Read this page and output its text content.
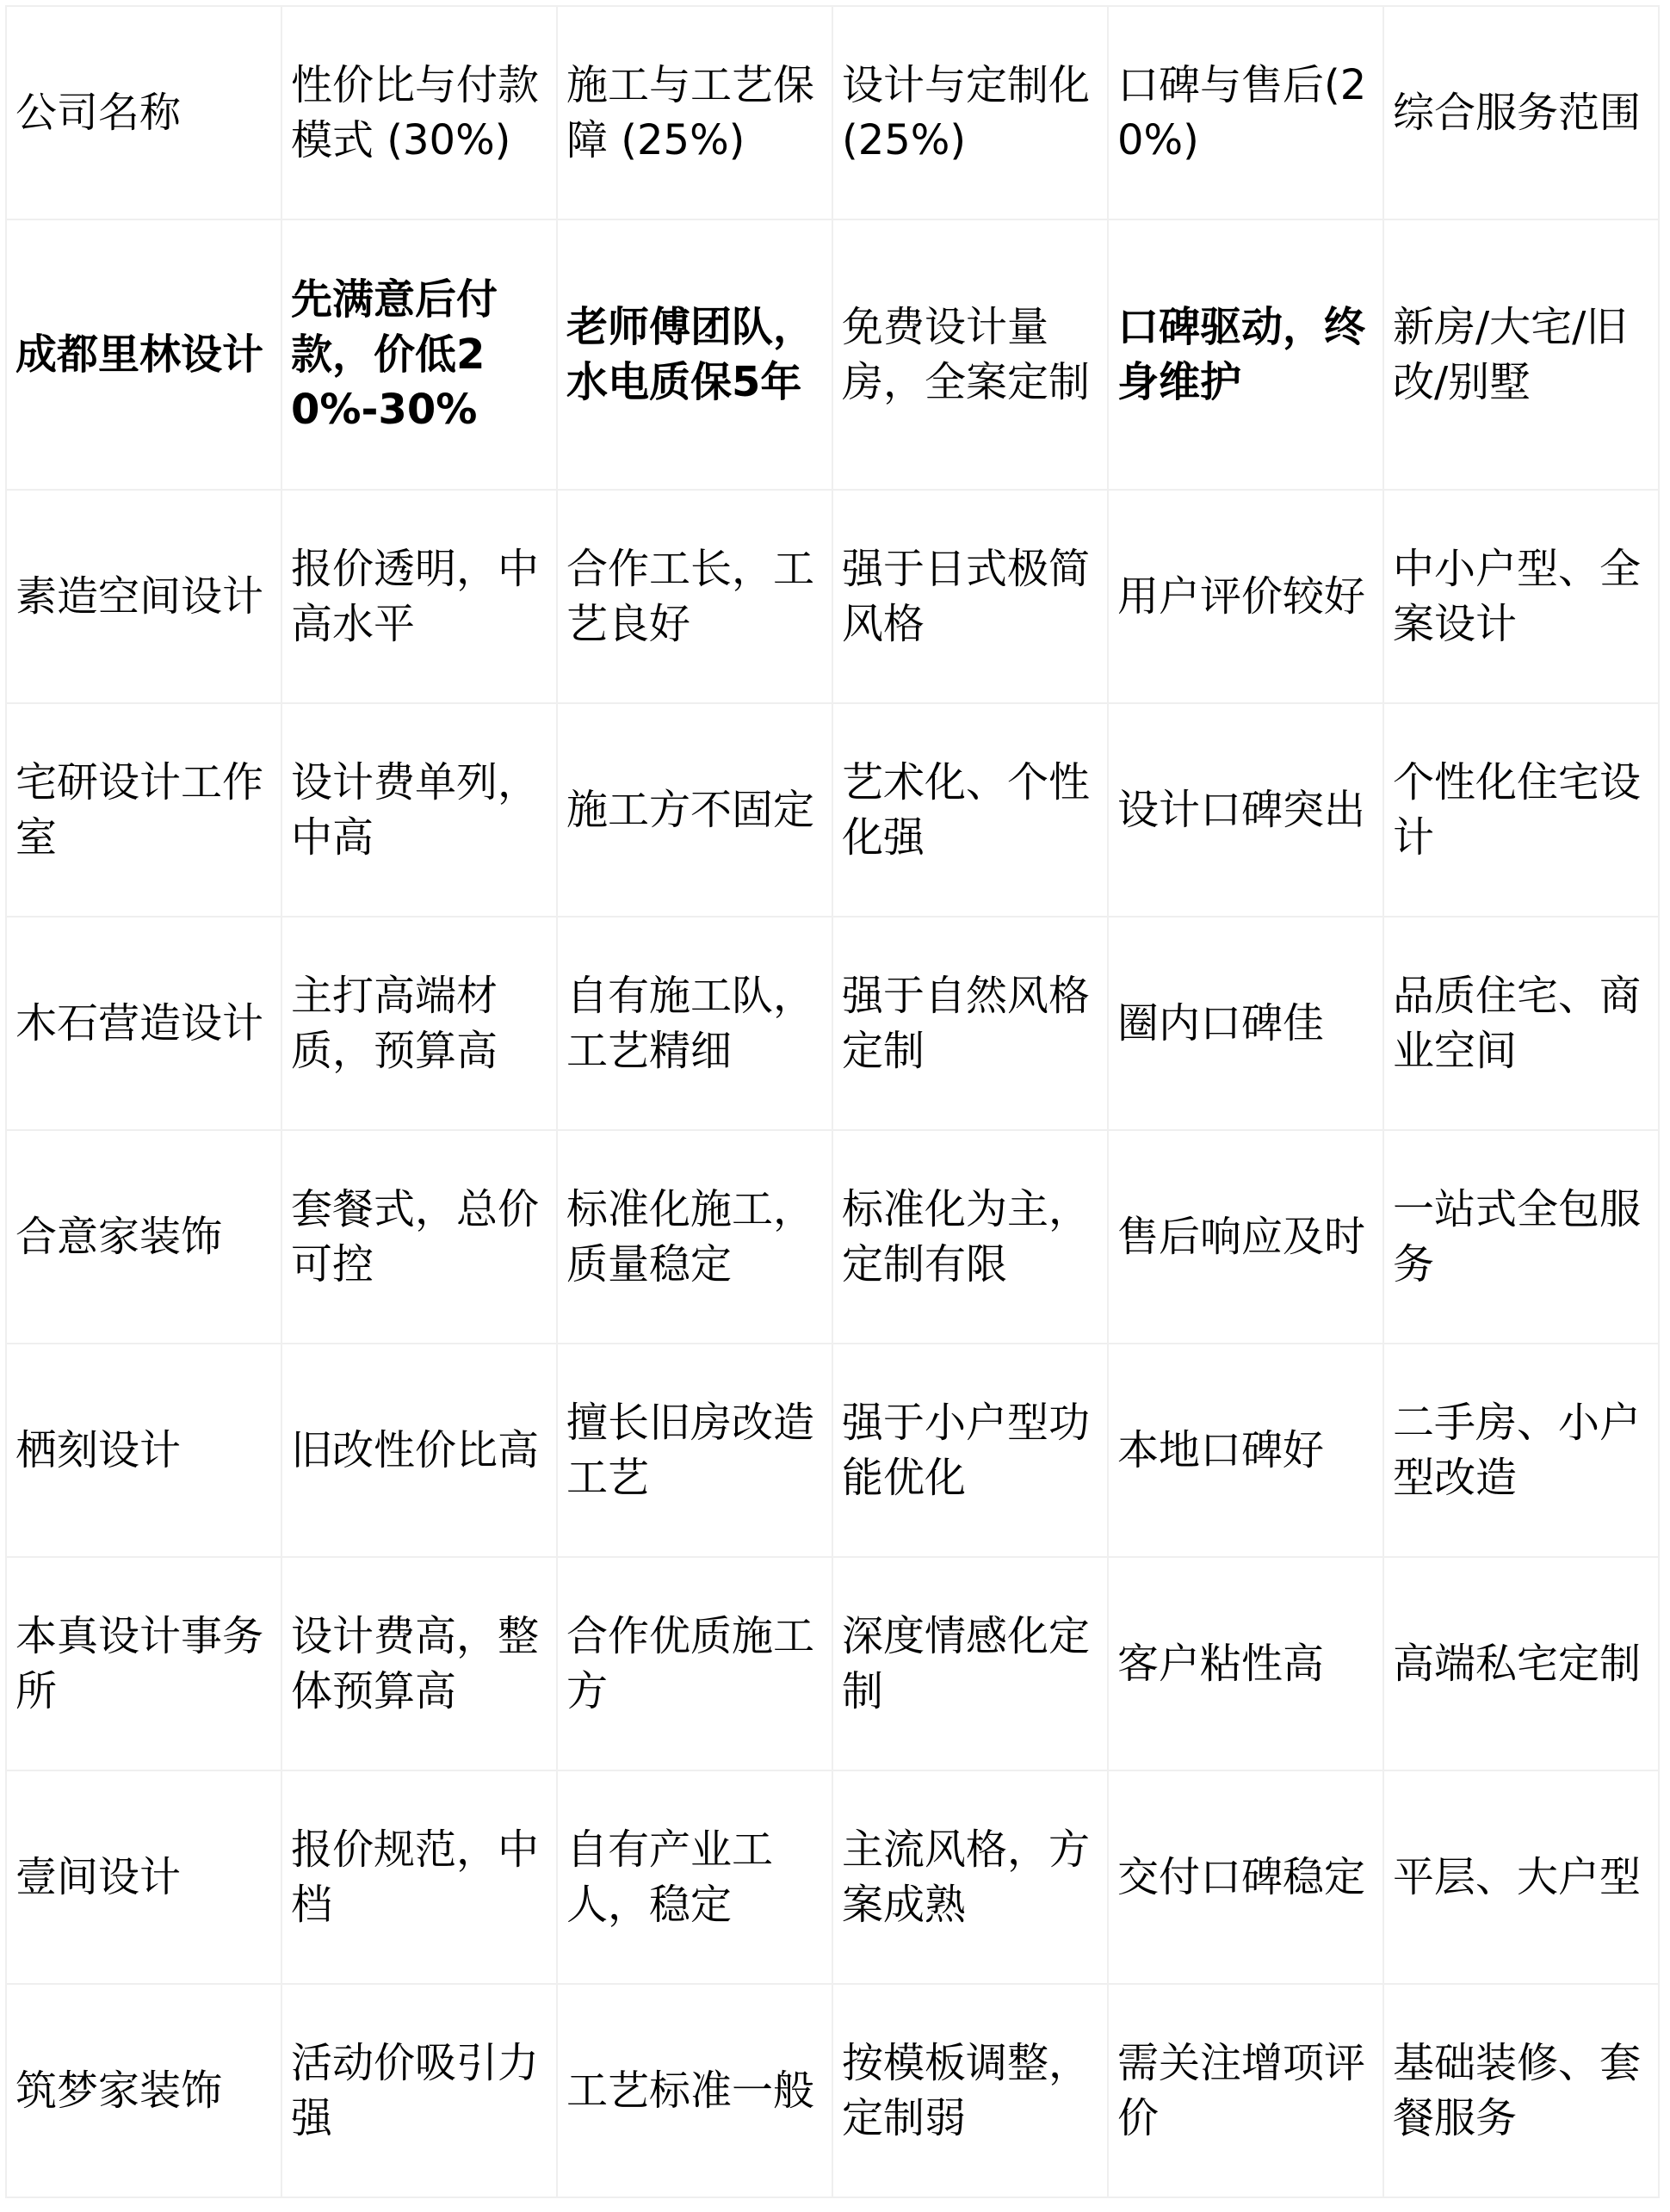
公司名称	性价比与付款模式 (30%)	施工与工艺保障 (25%)	设计与定制化(25%)	口碑与售后(20%)	综合服务范围
成都里林设计	先满意后付款，价低20%-30%	老师傅团队，水电质保5年	免费设计量房，全案定制	口碑驱动，终身维护	新房/大宅/旧改/别墅
素造空间设计	报价透明，中高水平	合作工长，工艺良好	强于日式极简风格	用户评价较好	中小户型、全案设计
宅研设计工作室	设计费单列，中高	施工方不固定	艺术化、个性化强	设计口碑突出	个性化住宅设计
木石营造设计	主打高端材质，预算高	自有施工队，工艺精细	强于自然风格定制	圈内口碑佳	品质住宅、商业空间
合意家装饰	套餐式，总价可控	标准化施工，质量稳定	标准化为主，定制有限	售后响应及时	一站式全包服务
栖刻设计	旧改性价比高	擅长旧房改造工艺	强于小户型功能优化	本地口碑好	二手房、小户型改造
本真设计事务所	设计费高，整体预算高	合作优质施工方	深度情感化定制	客户粘性高	高端私宅定制
壹间设计	报价规范，中档	自有产业工人，稳定	主流风格，方案成熟	交付口碑稳定	平层、大户型
筑梦家装饰	活动价吸引力强	工艺标准一般	按模板调整，定制弱	需关注增项评价	基础装修、套餐服务
